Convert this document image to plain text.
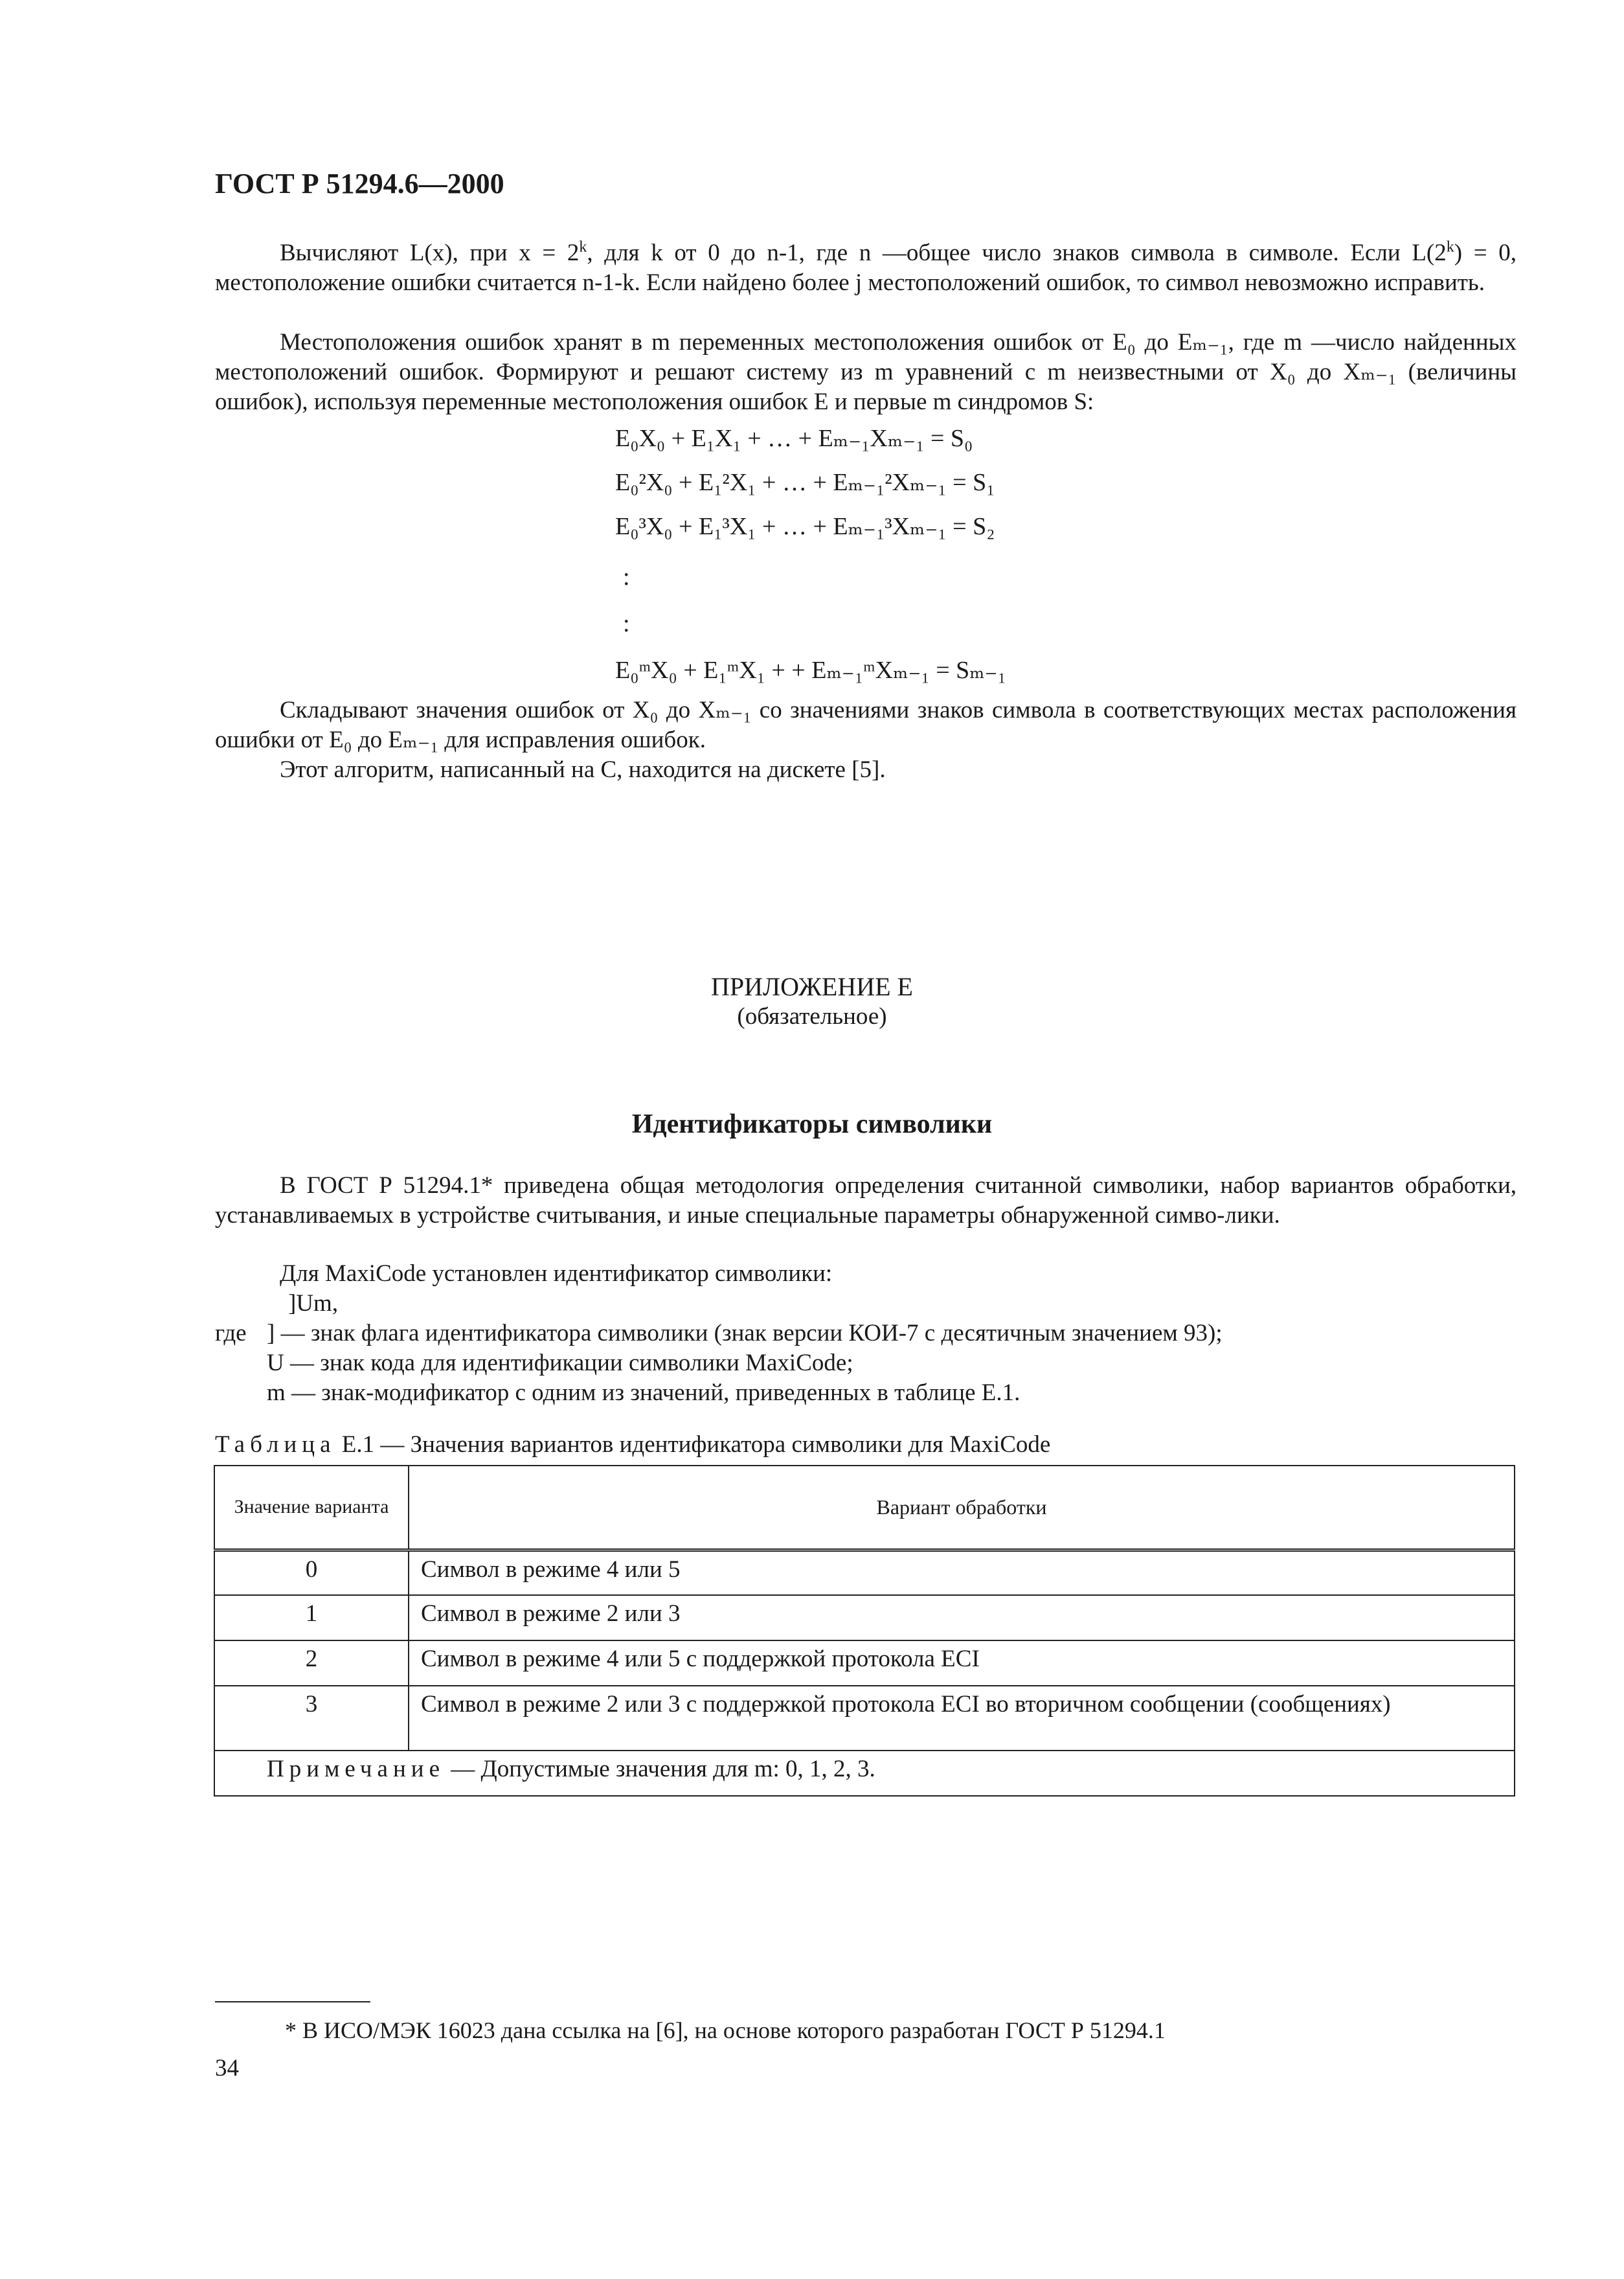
ГОСТ Р 51294.6—2000
Вычисляют L(x), при $x = 2^k$, для k от 0 до n-1, где n —общее число знаков символа в символе. Если $L(2^k) = 0$, местоположение ошибки считается n-1-k. Если найдено более j местоположений ошибок, то символ невозможно исправить.
Местоположения ошибок хранят в m переменных местоположения ошибок от E₀ до Eₘ₋₁, где m —число найденных местоположений ошибок. Формируют и решают систему из m уравнений с m неизвестными от X₀ до Xₘ₋₁ (величины ошибок), используя переменные местоположения ошибок E и первые m синдромов S:
E₀X₀ + E₁X₁ + … + Eₘ₋₁Xₘ₋₁ = S₀
E₀²X₀ + E₁²X₁ + … + Eₘ₋₁²Xₘ₋₁ = S₁
E₀³X₀ + E₁³X₁ + … + Eₘ₋₁³Xₘ₋₁ = S₂
:
:
E₀ᵐX₀ + E₁ᵐX₁ + + Eₘ₋₁ᵐXₘ₋₁ = Sₘ₋₁
Складывают значения ошибок от X₀ до Xₘ₋₁ со значениями знаков символа в соответствующих местах расположения ошибки от E₀ до Eₘ₋₁ для исправления ошибок.
Этот алгоритм, написанный на C, находится на дискете [5].
ПРИЛОЖЕНИЕ Е
(обязательное)
Идентификаторы символики
В ГОСТ Р 51294.1* приведена общая методология определения считанной символики, набор вариантов обработки, устанавливаемых в устройстве считывания, и иные специальные параметры обнаруженной симво-лики.
Для MaxiCode установлен идентификатор символики:
]Um,
где ] — знак флага идентификатора символики (знак версии КОИ-7 с десятичным значением 93);
U — знак кода для идентификации символики MaxiCode;
m — знак-модификатор с одним из значений, приведенных в таблице Е.1.
Таблица Е.1 — Значения вариантов идентификатора символики для MaxiCode
Значение варианта	Вариант обработки
0	Символ в режиме 4 или 5
1	Символ в режиме 2 или 3
2	Символ в режиме 4 или 5 с поддержкой протокола ECI
3	Символ в режиме 2 или 3 с поддержкой протокола ECI во вторичном сообщении (сообщениях)
Примечание — Допустимые значения для m: 0, 1, 2, 3.	
* В ИСО/МЭК 16023 дана ссылка на [6], на основе которого разработан ГОСТ Р 51294.1
34
